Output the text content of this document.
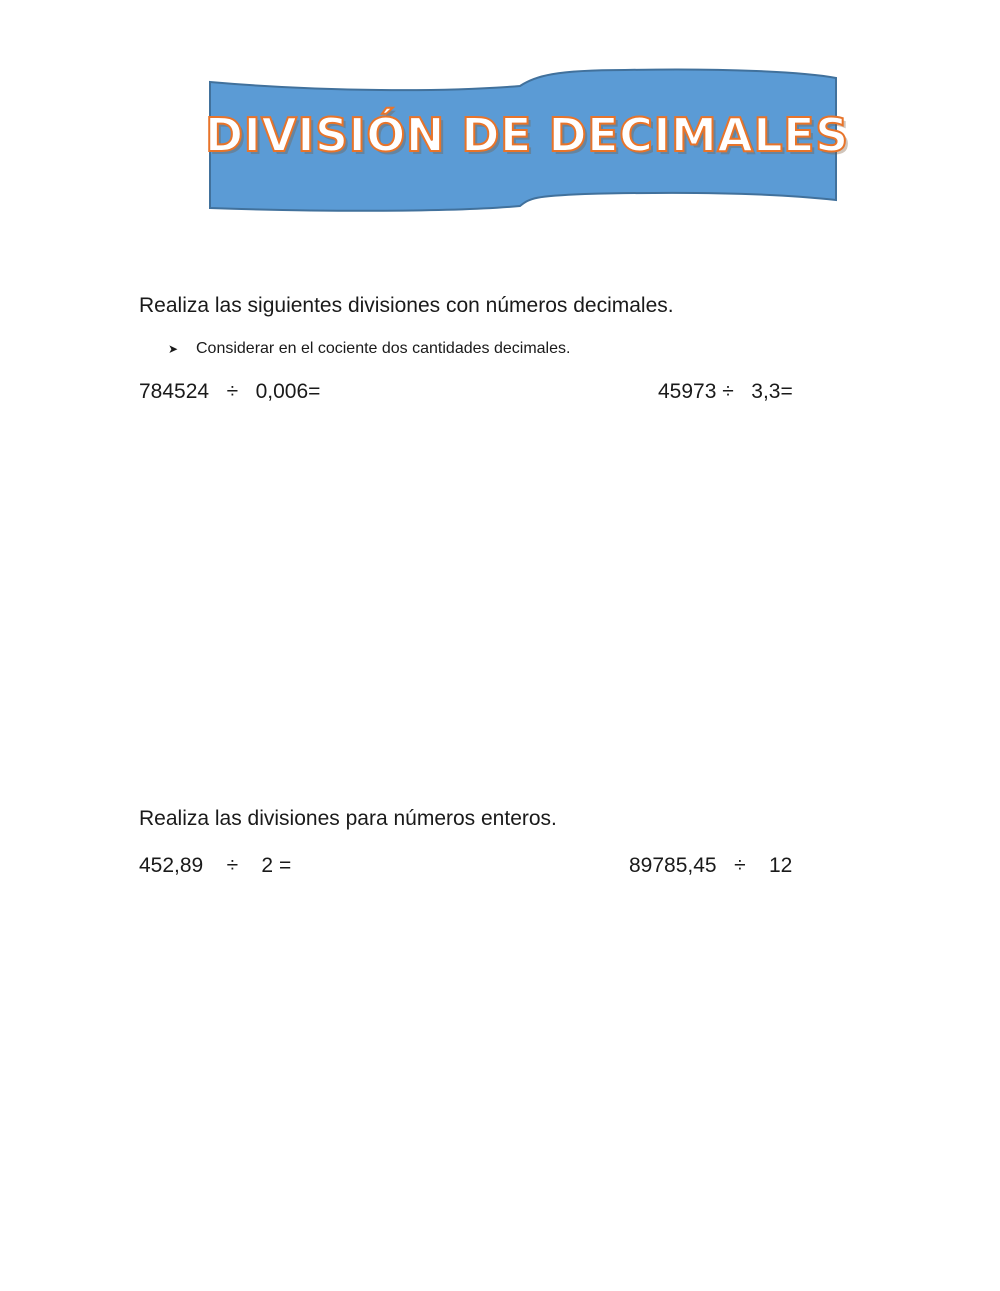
DIVISIÓN DE DECIMALES
Realiza las siguientes divisiones con números decimales.
➤ Considerar en el cociente dos cantidades decimales.
784524   ÷   0,006=	45973 ÷   3,3=
Realiza las divisiones para números enteros.
452,89    ÷    2 =	89785,45   ÷    12
